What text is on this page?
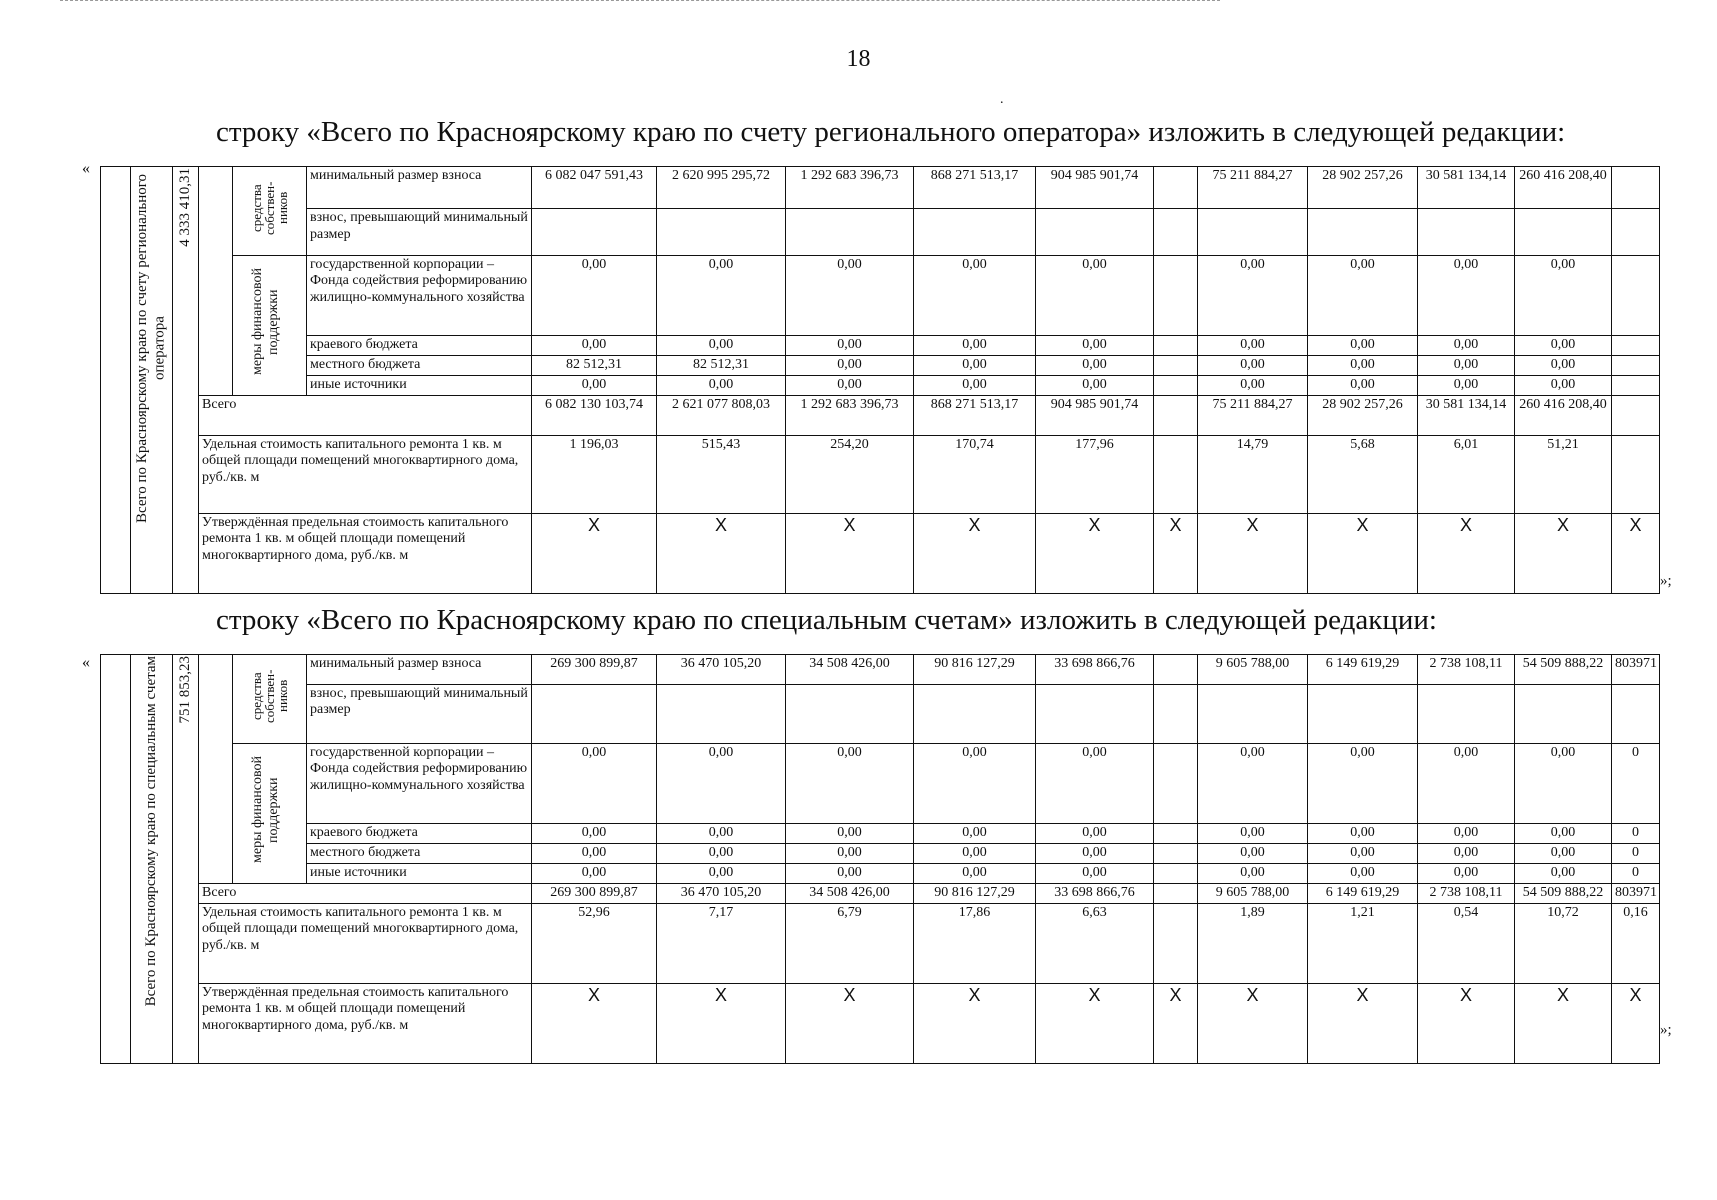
18
.
строку «Всего по Красноярскому краю по счету регионального оператора» изложить в следующей редакции:
«
	Всего по Красноярскому краю по счету регионального оператора	4 333 410,31		средства собствен-ников	минимальный размер взноса	6 082 047 591,43	2 620 995 295,72	1 292 683 396,73	868 271 513,17	904 985 901,74		75 211 884,27	28 902 257,26	30 581 134,14	260 416 208,40	
					взнос, превышающий минимальный размер											
				меры финансовой поддержки	государственной корпорации – Фонда содействия реформированию жилищно-коммунального хозяйства	0,00	0,00	0,00	0,00	0,00		0,00	0,00	0,00	0,00	
					краевого бюджета	0,00	0,00	0,00	0,00	0,00		0,00	0,00	0,00	0,00	
					местного бюджета	82 512,31	82 512,31	0,00	0,00	0,00		0,00	0,00	0,00	0,00	
					иные источники	0,00	0,00	0,00	0,00	0,00		0,00	0,00	0,00	0,00	
			Всего			6 082 130 103,74	2 621 077 808,03	1 292 683 396,73	868 271 513,17	904 985 901,74		75 211 884,27	28 902 257,26	30 581 134,14	260 416 208,40	
			Удельная стоимость капитального ремонта 1 кв. м общей площади помещений многоквартирного дома, руб./кв. м			1 196,03	515,43	254,20	170,74	177,96		14,79	5,68	6,01	51,21	
			Утверждённая предельная стоимость капитального ремонта 1 кв. м общей площади помещений многоквартирного дома, руб./кв. м			X	X	X	X	X	X	X	X	X	X	X
»;
строку «Всего по Красноярскому краю по специальным счетам» изложить в следующей редакции:
«
		Всего по Красноярскому краю по специальным счетам	751 853,23		средства собствен-ников	минимальный размер взноса	269 300 899,87	36 470 105,20	34 508 426,00	90 816 127,29	33 698 866,76		9 605 788,00	6 149 619,29	2 738 108,11	54 509 888,22	803971
					взнос, превышающий минимальный размер											
				меры финансовой поддержки	государственной корпорации – Фонда содействия реформированию жилищно-коммунального хозяйства	0,00	0,00	0,00	0,00	0,00		0,00	0,00	0,00	0,00	0
					краевого бюджета	0,00	0,00	0,00	0,00	0,00		0,00	0,00	0,00	0,00	0
					местного бюджета	0,00	0,00	0,00	0,00	0,00		0,00	0,00	0,00	0,00	0
					иные источники	0,00	0,00	0,00	0,00	0,00		0,00	0,00	0,00	0,00	0
			Всего			269 300 899,87	36 470 105,20	34 508 426,00	90 816 127,29	33 698 866,76		9 605 788,00	6 149 619,29	2 738 108,11	54 509 888,22	803971
			Удельная стоимость капитального ремонта 1 кв. м общей площади помещений многоквартирного дома, руб./кв. м			52,96	7,17	6,79	17,86	6,63		1,89	1,21	0,54	10,72	0,16
			Утверждённая предельная стоимость капитального ремонта 1 кв. м общей площади помещений многоквартирного дома, руб./кв. м			X	X	X	X	X	X	X	X	X	X	X
»;
